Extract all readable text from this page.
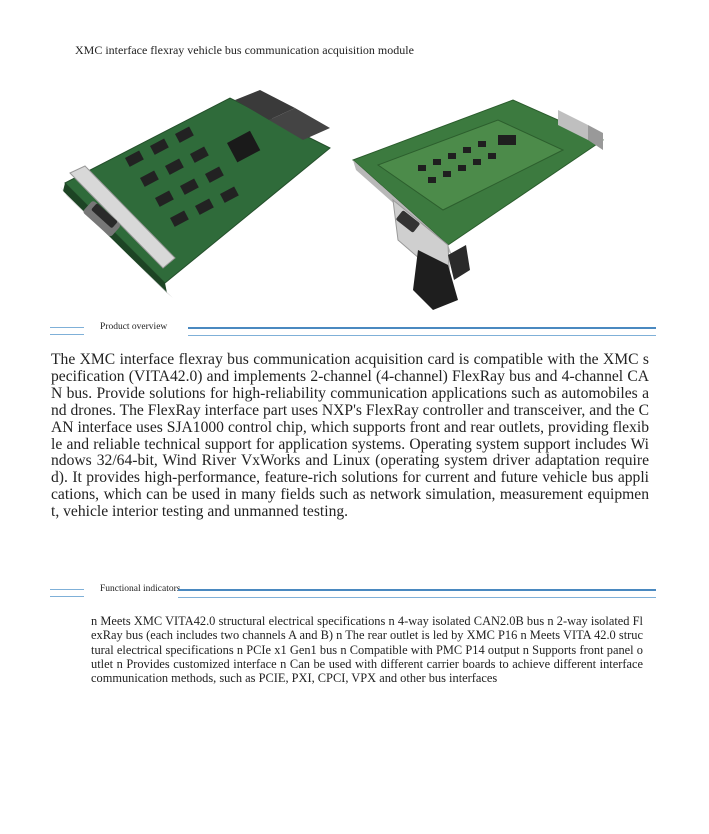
XMC interface flexray vehicle bus communication acquisition module
Product overview
The XMC interface flexray bus communication acquisition card is compatible with the XMC specification (VITA42.0) and implements 2-channel (4-channel) FlexRay bus and 4-channel CAN bus. Provide solutions for high-reliability communication applications such as automobiles and drones. The FlexRay interface part uses NXP's FlexRay controller and transceiver, and the CAN interface uses SJA1000 control chip, which supports front and rear outlets, providing flexible and reliable technical support for application systems. Operating system support includes Windows 32/64-bit, Wind River VxWorks and Linux (operating system driver adaptation required). It provides high-performance, feature-rich solutions for current and future vehicle bus applications, which can be used in many fields such as network simulation, measurement equipment, vehicle interior testing and unmanned testing.
Functional indicators
n Meets XMC VITA42.0 structural electrical specifications n 4-way isolated CAN2.0B bus n 2-way isolated FlexRay bus (each includes two channels A and B) n The rear outlet is led by XMC P16 n Meets VITA 42.0 structural electrical specifications n PCIe x1 Gen1 bus n Compatible with PMC P14 output n Supports front panel outlet n Provides customized interface n Can be used with different carrier boards to achieve different interface communication methods, such as PCIE, PXI, CPCI, VPX and other bus interfaces
